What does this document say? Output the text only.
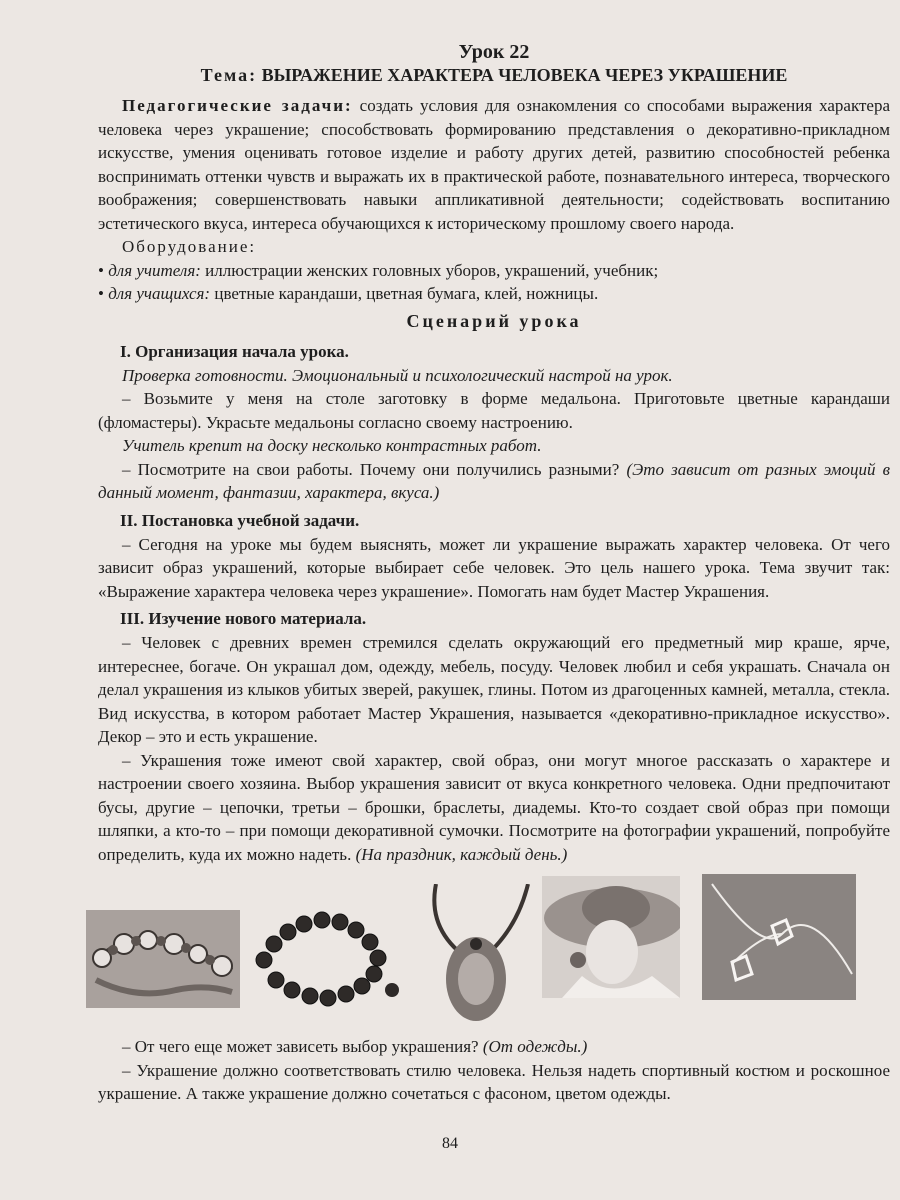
Урок 22

Тема: ВЫРАЖЕНИЕ ХАРАКТЕРА ЧЕЛОВЕКА ЧЕРЕЗ УКРАШЕНИЕ

Педагогические задачи: создать условия для ознакомления со способами выражения характера человека через украшение; способствовать формированию представления о декоративно-прикладном искусстве, умения оценивать готовое изделие и работу других детей, развитию способностей ребенка воспринимать оттенки чувств и выражать их в практической работе, познавательного интереса, творческого воображения; совершенствовать навыки аппликативной деятельности; содействовать воспитанию эстетического вкуса, интереса обучающихся к историческому прошлому своего народа.

Оборудование:

• для учителя: иллюстрации женских головных уборов, украшений, учебник;

• для учащихся: цветные карандаши, цветная бумага, клей, ножницы.

Сценарий урока

I. Организация начала урока.

Проверка готовности. Эмоциональный и психологический настрой на урок.

– Возьмите у меня на столе заготовку в форме медальона. Приготовьте цветные карандаши (фломастеры). Украсьте медальоны согласно своему настроению.

Учитель крепит на доску несколько контрастных работ.

– Посмотрите на свои работы. Почему они получились разными? (Это зависит от разных эмоций в данный момент, фантазии, характера, вкуса.)

II. Постановка учебной задачи.

– Сегодня на уроке мы будем выяснять, может ли украшение выражать характер человека. От чего зависит образ украшений, которые выбирает себе человек. Это цель нашего урока. Тема звучит так: «Выражение характера человека через украшение». Помогать нам будет Мастер Украшения.

III. Изучение нового материала.

– Человек с древних времен стремился сделать окружающий его предметный мир краше, ярче, интереснее, богаче. Он украшал дом, одежду, мебель, посуду. Человек любил и себя украшать. Сначала он делал украшения из клыков убитых зверей, ракушек, глины. Потом из драгоценных камней, металла, стекла. Вид искусства, в котором работает Мастер Украшения, называется «декоративно-прикладное искусство». Декор – это и есть украшение.

– Украшения тоже имеют свой характер, свой образ, они могут многое рассказать о характере и настроении своего хозяина. Выбор украшения зависит от вкуса конкретного человека. Одни предпочитают бусы, другие – цепочки, третьи – брошки, браслеты, диадемы. Кто-то создает свой образ при помощи шляпки, а кто-то – при помощи декоративной сумочки. Посмотрите на фотографии украшений, попробуйте определить, куда их можно надеть. (На праздник, каждый день.)

– От чего еще может зависеть выбор украшения? (От одежды.)

– Украшение должно соответствовать стилю человека. Нельзя надеть спортивный костюм и роскошное украшение. А также украшение должно сочетаться с фасоном, цветом одежды.

84
